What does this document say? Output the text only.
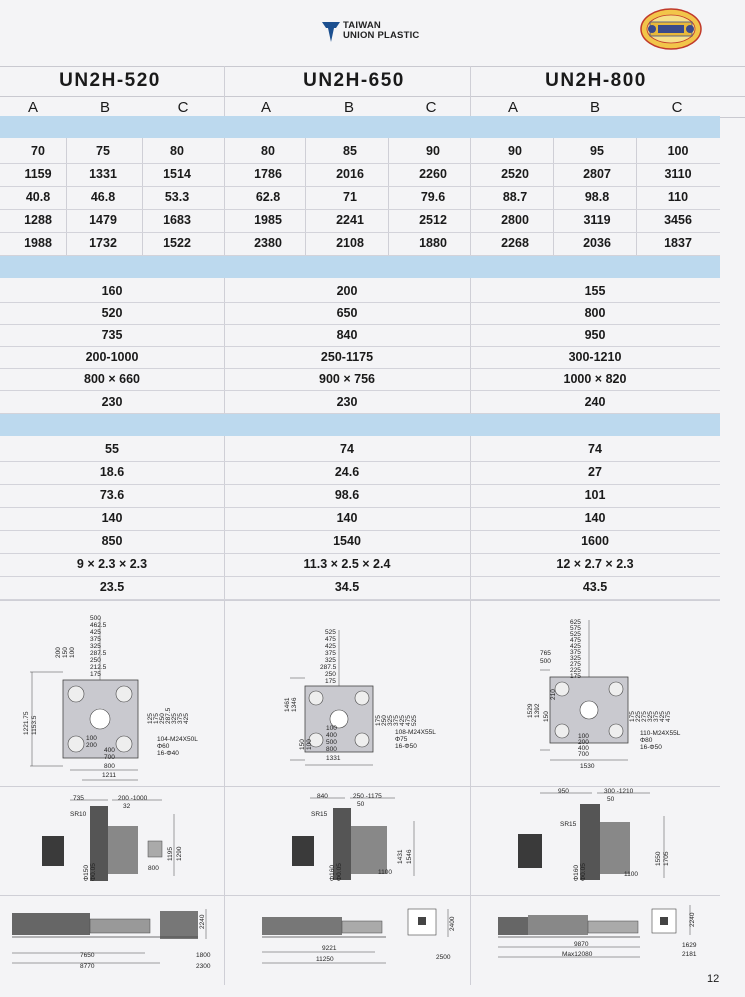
TAIWAN
UNION PLASTIC
UN2H-520	UN2H-650	UN2H-800
A	B	C	A	B	C	A	B	C
70	75	80	80	85	90	90	95	100
1159	1331	1514	1786	2016	2260	2520	2807	3110
40.8	46.8	53.3	62.8	71	79.6	88.7	98.8	110
1288	1479	1683	1985	2241	2512	2800	3119	3456
1988	1732	1522	2380	2108	1880	2268	2036	1837
160	200	155
520	650	800
735	840	950
200-1000	250-1175	300-1210
800 × 660	900 × 756	1000 × 820
230	230	240
55	74	74
18.6	24.6	27
73.6	98.6	101
140	140	140
850	1540	1600
9 × 2.3 × 2.3	11.3 × 2.5 × 2.4	12 × 2.7 × 2.3
23.5	34.5	43.5
500
462.5
425
375
325
287.5
250
212.5
175
200 150 100
1221.75 1153.5	125 175 250 287.5 325 375 425
104-M24X50L
Φ60
16-Φ40
100
200
400
700
800
1211
525
475
425
375
325
287.5
250
175
1461 1346
150 100
175 250 325 375 425 475 525
108-M24X55L
Φ75
16-Φ50
100
400
500
800
1331
625
575
525
475
425
375
325
275
225
175
765
500
1529 1392 150
210
175 225 275 325 375 425 475
110-M24X55L
Φ80
16-Φ50
100
200
400
700
1530
735	200 -1000
32
SR10
1195 1290
800
Φ150 Φ0.05
840	250 -1175
50
SR15
1431 1546
1100
Φ160 Φ0.05
950	300 -1210
50
SR15
1550 1705
1100
Φ160 Φ0.05
2240
7650
8770
1800
2300
2400
9221
11250	2500
2240
9870
Max12080
1629
2181
12
